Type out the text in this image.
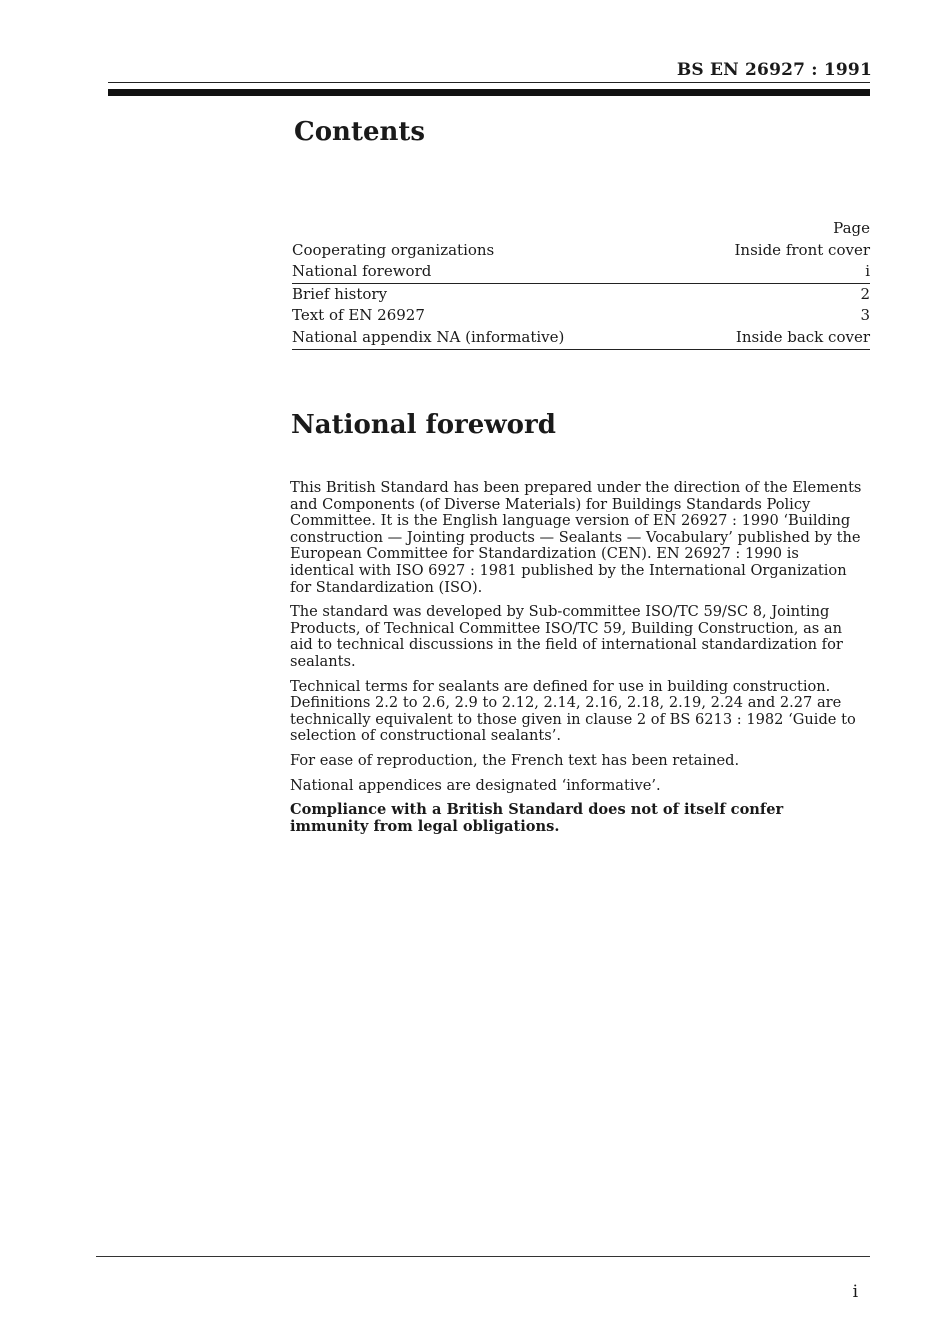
BS EN 26927 : 1991
Contents
Page
Cooperating organizations	Inside front cover
National foreword	i
Brief history	2
Text of EN 26927	3
National appendix NA (informative)	Inside back cover
National foreword

This British Standard has been prepared under the direction of the Elements and Components (of Diverse Materials) for Buildings Standards Policy Committee. It is the English language version of EN 26927 : 1990 ‘Building construction — Jointing products — Sealants — Vocabulary’ published by the European Committee for Standardization (CEN). EN 26927 : 1990 is identical with ISO 6927 : 1981 published by the International Organization for Standardization (ISO).

The standard was developed by Sub-committee ISO/TC 59/SC 8, Jointing Products, of Technical Committee ISO/TC 59, Building Construction, as an aid to technical discussions in the field of international standardization for sealants.

Technical terms for sealants are defined for use in building construction. Definitions 2.2 to 2.6, 2.9 to 2.12, 2.14, 2.16, 2.18, 2.19, 2.24 and 2.27 are technically equivalent to those given in clause 2 of BS 6213 : 1982 ‘Guide to selection of constructional sealants’.

For ease of reproduction, the French text has been retained.

National appendices are designated ‘informative’.

Compliance with a British Standard does not of itself confer immunity from legal obligations.

i
